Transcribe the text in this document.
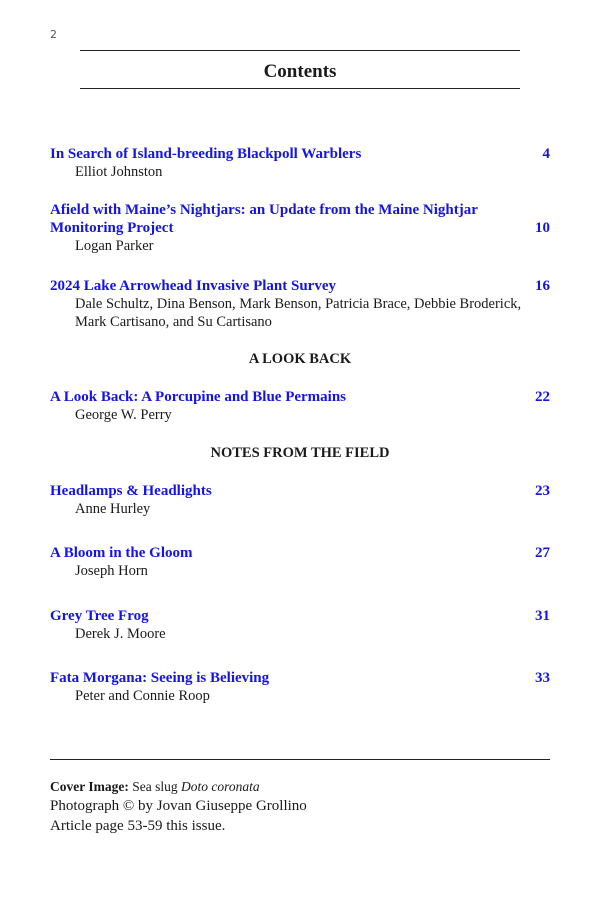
2
Contents
In Search of Island-breeding Blackpoll Warblers	4
Elliot Johnston
Afield with Maine’s Nightjars: an Update from the Maine Nightjar Monitoring Project	10
Logan Parker
2024 Lake Arrowhead Invasive Plant Survey	16
Dale Schultz, Dina Benson, Mark Benson, Patricia Brace, Debbie Broderick, Mark Cartisano, and Su Cartisano
A LOOK BACK
A Look Back: A Porcupine and Blue Permains	22
George W. Perry
NOTES FROM THE FIELD
Headlamps & Headlights	23
Anne Hurley
A Bloom in the Gloom	27
Joseph Horn
Grey Tree Frog	31
Derek J. Moore
Fata Morgana: Seeing is Believing	33
Peter and Connie Roop
Cover Image: Sea slug Doto coronata
Photograph © by Jovan Giuseppe Grollino
Article page 53-59 this issue.
